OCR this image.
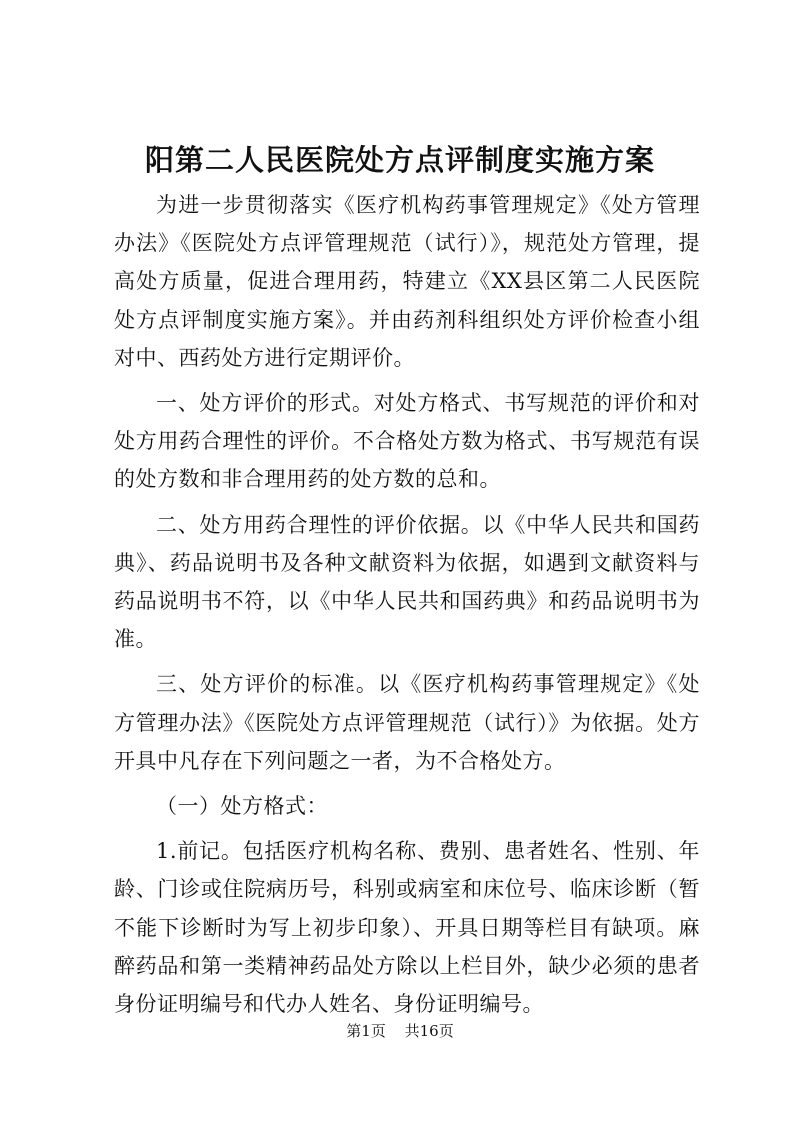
阳第二人民医院处方点评制度实施方案

为进一步贯彻落实《医疗机构药事管理规定》《处方管理办法》《医院处方点评管理规范（试行）》，规范处方管理，提高处方质量，促进合理用药，特建立《XX县区第二人民医院处方点评制度实施方案》。并由药剂科组织处方评价检查小组对中、西药处方进行定期评价。

一、处方评价的形式。对处方格式、书写规范的评价和对处方用药合理性的评价。不合格处方数为格式、书写规范有误的处方数和非合理用药的处方数的总和。

二、处方用药合理性的评价依据。以《中华人民共和国药典》、药品说明书及各种文献资料为依据，如遇到文献资料与药品说明书不符，以《中华人民共和国药典》和药品说明书为准。

三、处方评价的标准。以《医疗机构药事管理规定》《处方管理办法》《医院处方点评管理规范（试行）》为依据。处方开具中凡存在下列问题之一者，为不合格处方。

（一）处方格式：

1.前记。包括医疗机构名称、费别、患者姓名、性别、年龄、门诊或住院病历号，科别或病室和床位号、临床诊断（暂不能下诊断时为写上初步印象）、开具日期等栏目有缺项。麻醉药品和第一类精神药品处方除以上栏目外，缺少必须的患者身份证明编号和代办人姓名、身份证明编号。

第1页 共16页
